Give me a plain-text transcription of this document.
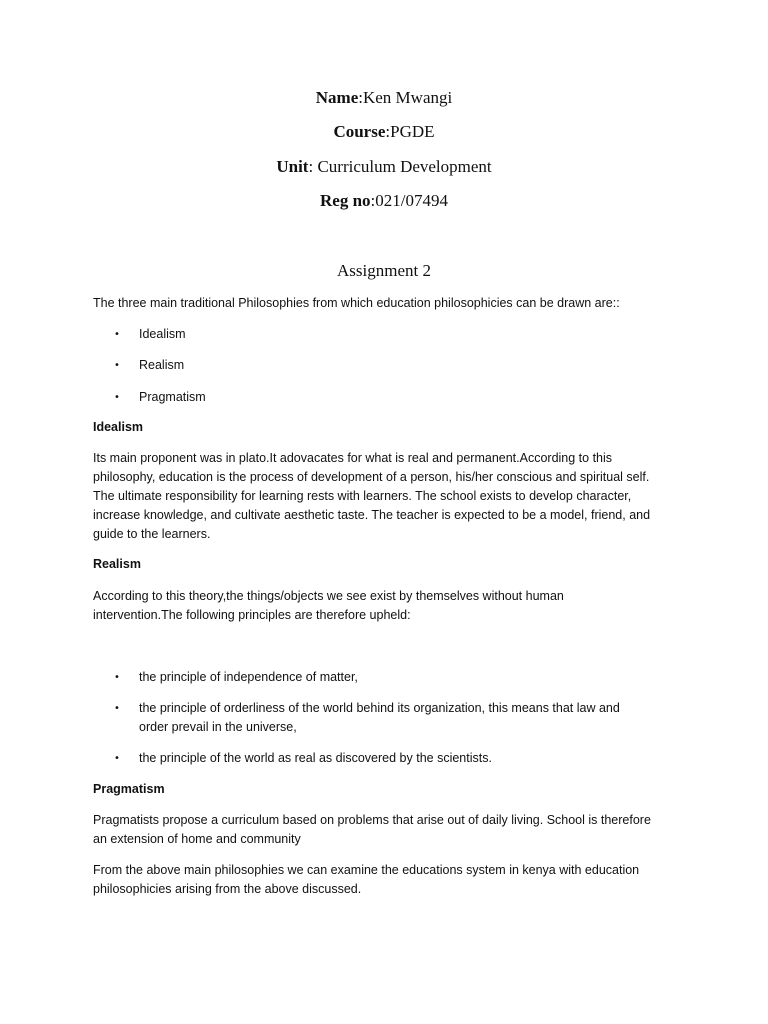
Name:Ken Mwangi
Course:PGDE
Unit: Curriculum Development
Reg no:021/07494
Assignment 2
The three main traditional Philosophies from which education philosophicies can be drawn are::
• Idealism
• Realism
• Pragmatism
Idealism
Its main proponent was in plato.It adovacates for what is real and permanent.According to this
philosophy, education is the process of development of a person, his/her conscious and spiritual self.
The ultimate responsibility for learning rests with learners. The school exists to develop character,
increase knowledge, and cultivate aesthetic taste. The teacher is expected to be a model, friend, and
guide to the learners.
Realism
According to this theory,the things/objects we see exist by themselves without human
intervention.The following principles are therefore upheld:
• the principle of independence of matter,
• the principle of orderliness of the world behind its organization, this means that law and
order prevail in the universe,
• the principle of the world as real as discovered by the scientists.
Pragmatism
Pragmatists propose a curriculum based on problems that arise out of daily living. School is therefore
an extension of home and community
From the above main philosophies we can examine the educations system in kenya with education
philosophicies arising from the above discussed.
